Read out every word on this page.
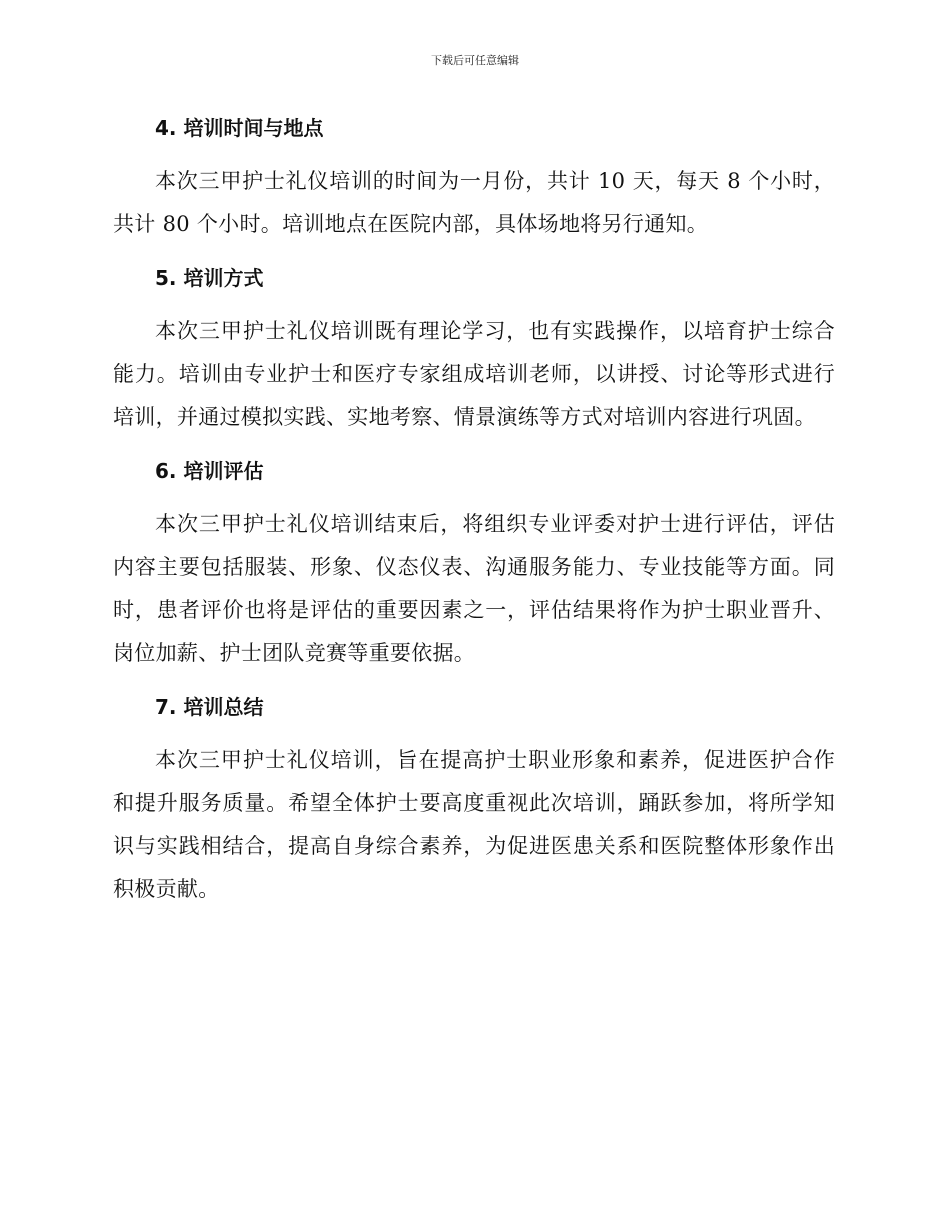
下载后可任意编辑
4. 培训时间与地点

本次三甲护士礼仪培训的时间为一月份，共计 10 天，每天 8 个小时，共计 80 个小时。培训地点在医院内部，具体场地将另行通知。

5. 培训方式

本次三甲护士礼仪培训既有理论学习，也有实践操作，以培育护士综合能力。培训由专业护士和医疗专家组成培训老师，以讲授、讨论等形式进行培训，并通过模拟实践、实地考察、情景演练等方式对培训内容进行巩固。

6. 培训评估

本次三甲护士礼仪培训结束后，将组织专业评委对护士进行评估，评估内容主要包括服装、形象、仪态仪表、沟通服务能力、专业技能等方面。同时，患者评价也将是评估的重要因素之一，评估结果将作为护士职业晋升、岗位加薪、护士团队竞赛等重要依据。

7. 培训总结

本次三甲护士礼仪培训，旨在提高护士职业形象和素养，促进医护合作和提升服务质量。希望全体护士要高度重视此次培训，踊跃参加，将所学知识与实践相结合，提高自身综合素养，为促进医患关系和医院整体形象作出积极贡献。
